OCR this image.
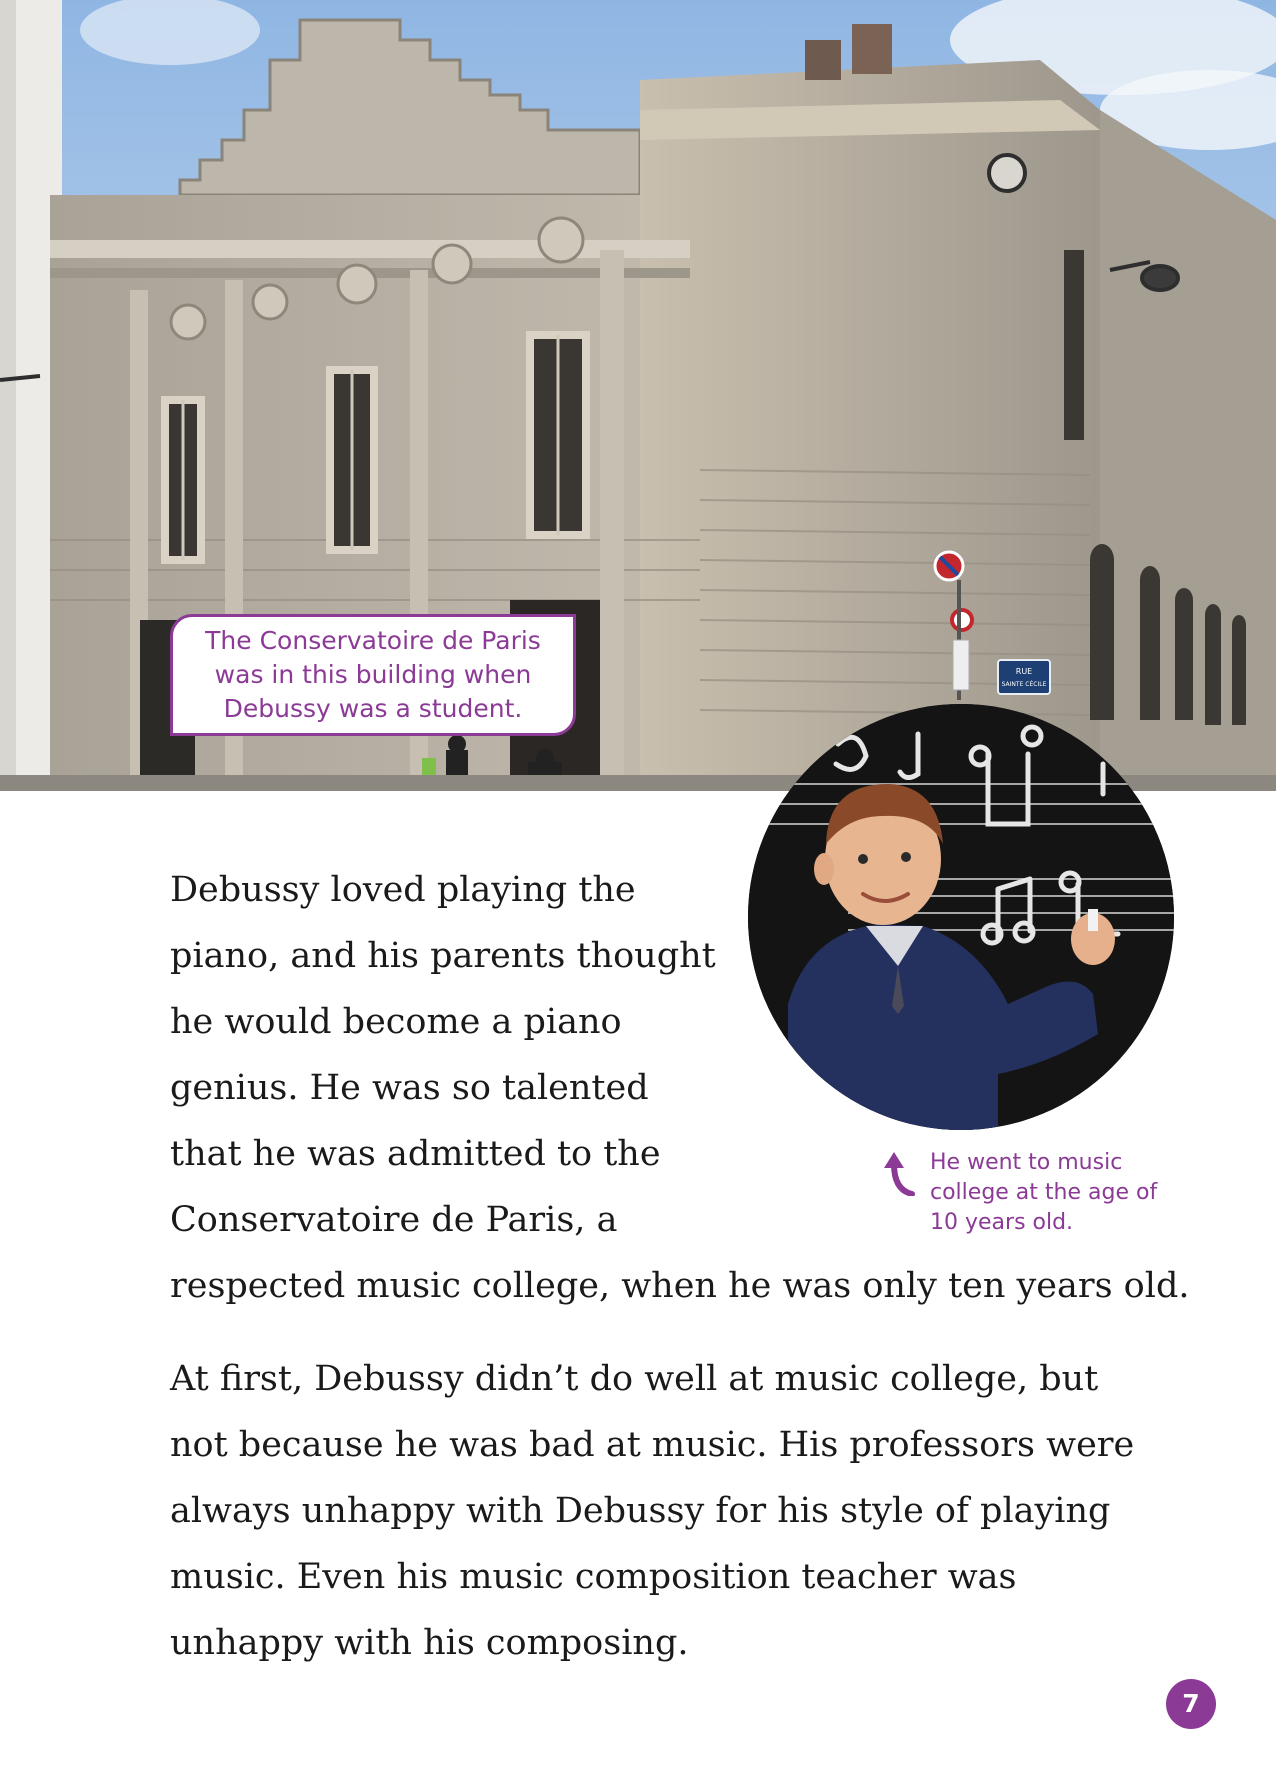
RUE
SAINTE CÉCILE
The Conservatoire de Paris
was in this building when
Debussy was a student.
He went to music
college at the age of
10 years old.
Debussy loved playing the
piano, and his parents thought
he would become a piano
genius. He was so talented
that he was admitted to the
Conservatoire de Paris, a
respected music college, when he was only ten years old.
At first, Debussy didn’t do well at music college, but
not because he was bad at music. His professors were
always unhappy with Debussy for his style of playing
music. Even his music composition teacher was
unhappy with his composing.
7
